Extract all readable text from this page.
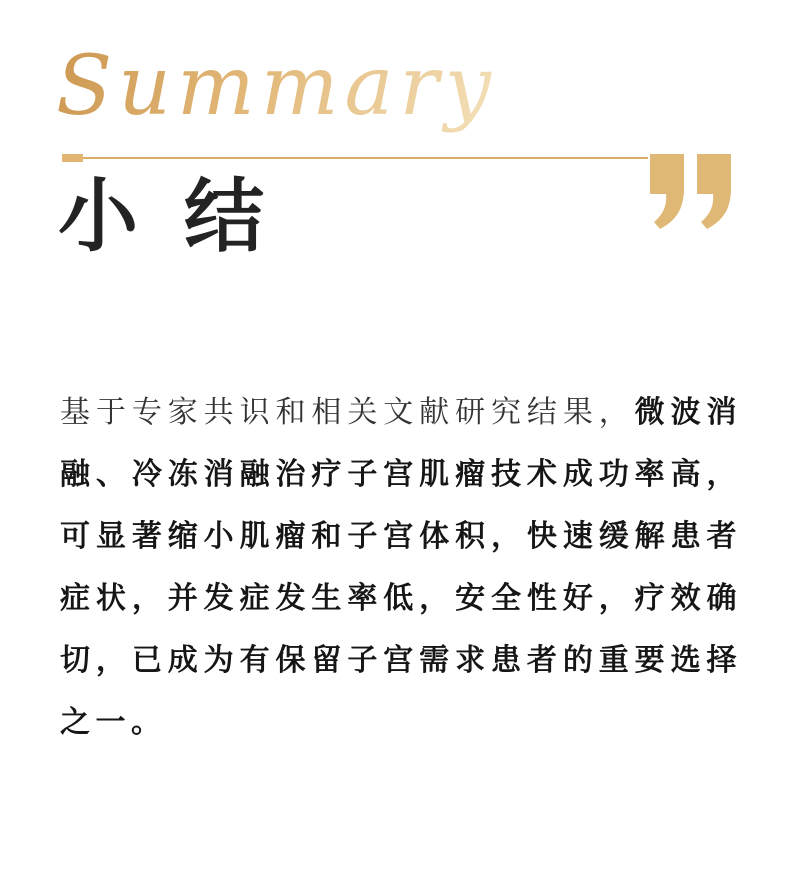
Summary
小结

基于专家共识和相关文献研究结果，微波消融、冷冻消融治疗子宫肌瘤技术成功率高，可显著缩小肌瘤和子宫体积，快速缓解患者症状，并发症发生率低，安全性好，疗效确切，已成为有保留子宫需求患者的重要选择之一。
